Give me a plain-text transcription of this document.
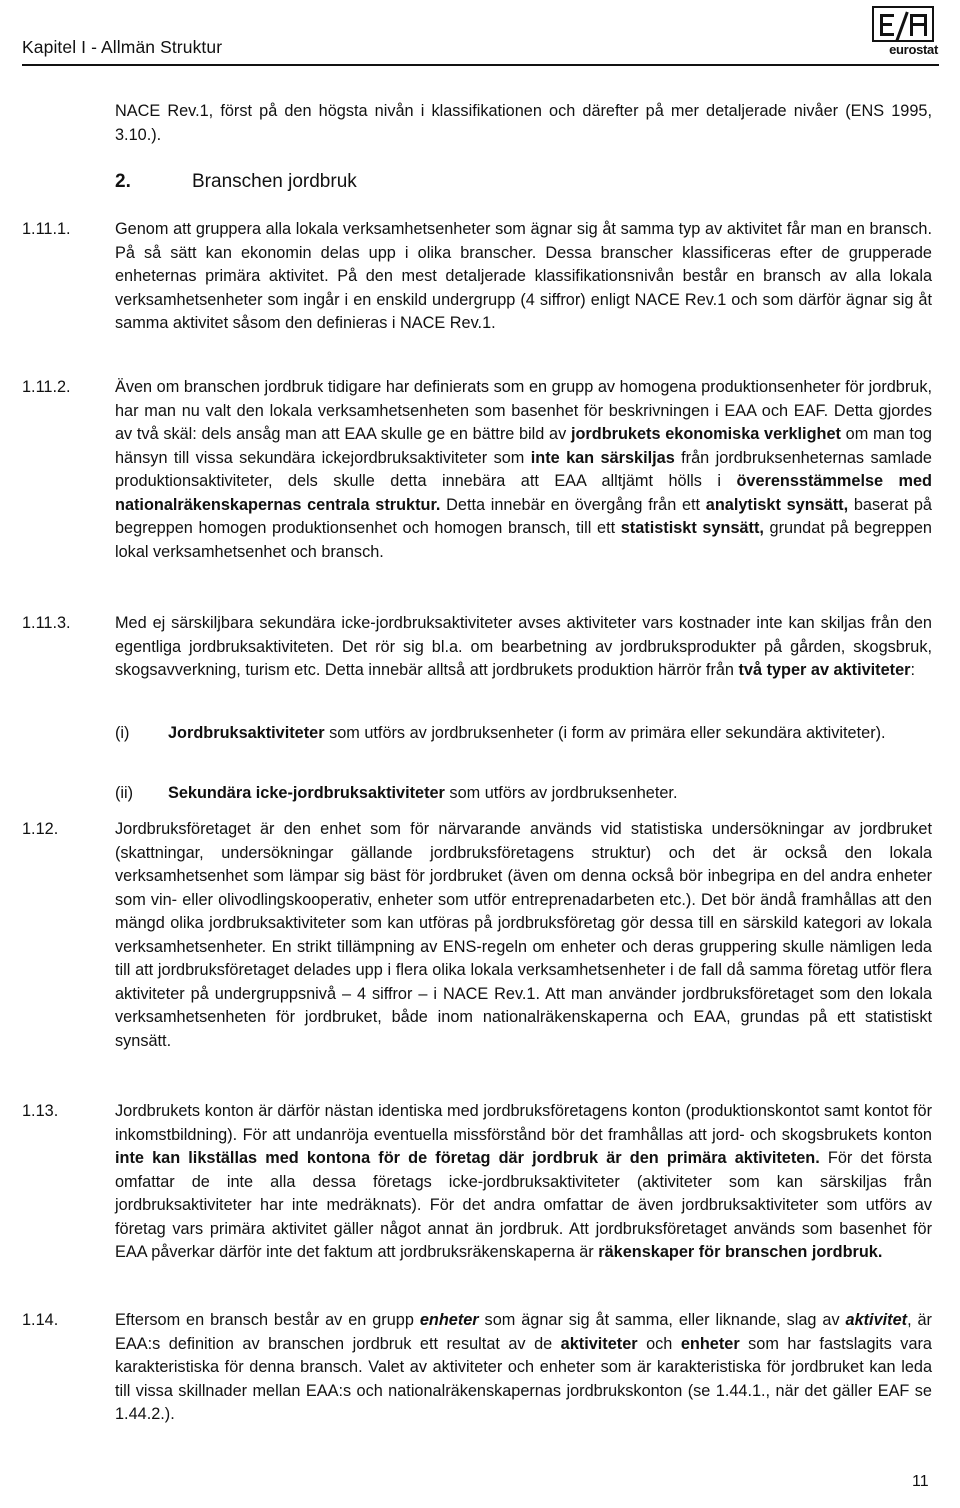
Kapitel I - Allmän Struktur	eurostat
NACE Rev.1, först på den högsta nivån i klassifikationen och därefter på mer detaljerade nivåer (ENS 1995, 3.10.).
2.	Branschen jordbruk
1.11.1.	Genom att gruppera alla lokala verksamhetsenheter som ägnar sig åt samma typ av aktivitet får man en bransch. På så sätt kan ekonomin delas upp i olika branscher. Dessa branscher klassificeras efter de grupperade enheternas primära aktivitet. På den mest detaljerade klassifikationsnivån består en bransch av alla lokala verksamhetsenheter som ingår i en enskild undergrupp (4 siffror) enligt NACE Rev.1 och som därför ägnar sig åt samma aktivitet såsom den definieras i NACE Rev.1.
1.11.2.	Även om branschen jordbruk tidigare har definierats som en grupp av homogena produktionsenheter för jordbruk, har man nu valt den lokala verksamhetsenheten som basenhet för beskrivningen i EAA och EAF. Detta gjordes av två skäl: dels ansåg man att EAA skulle ge en bättre bild av jordbrukets ekonomiska verklighet om man tog hänsyn till vissa sekundära ickejordbruksaktiviteter som inte kan särskiljas från jordbruksenheternas samlade produktionsaktiviteter, dels skulle detta innebära att EAA alltjämt hölls i överensstämmelse med nationalräkenskapernas centrala struktur. Detta innebär en övergång från ett analytiskt synsätt, baserat på begreppen homogen produktionsenhet och homogen bransch, till ett statistiskt synsätt, grundat på begreppen lokal verksamhetsenhet och bransch.
1.11.3.	Med ej särskiljbara sekundära icke-jordbruksaktiviteter avses aktiviteter vars kostnader inte kan skiljas från den egentliga jordbruksaktiviteten. Det rör sig bl.a. om bearbetning av jordbruksprodukter på gården, skogsbruk, skogsavverkning, turism etc. Detta innebär alltså att jordbrukets produktion härrör från två typer av aktiviteter:
(i) Jordbruksaktiviteter som utförs av jordbruksenheter (i form av primära eller sekundära aktiviteter).
(ii) Sekundära icke-jordbruksaktiviteter som utförs av jordbruksenheter.
1.12.	Jordbruksföretaget är den enhet som för närvarande används vid statistiska undersökningar av jordbruket (skattningar, undersökningar gällande jordbruksföretagens struktur) och det är också den lokala verksamhetsenhet som lämpar sig bäst för jordbruket (även om denna också bör inbegripa en del andra enheter som vin- eller olivodlingskooperativ, enheter som utför entreprenadarbeten etc.). Det bör ändå framhållas att den mängd olika jordbruksaktiviteter som kan utföras på jordbruksföretag gör dessa till en särskild kategori av lokala verksamhetsenheter. En strikt tillämpning av ENS-regeln om enheter och deras gruppering skulle nämligen leda till att jordbruksföretaget delades upp i flera olika lokala verksamhetsenheter i de fall då samma företag utför flera aktiviteter på undergruppsnivå – 4 siffror – i NACE Rev.1. Att man använder jordbruksföretaget som den lokala verksamhetsenheten för jordbruket, både inom nationalräkenskaperna och EAA, grundas på ett statistiskt synsätt.
1.13.	Jordbrukets konton är därför nästan identiska med jordbruksföretagens konton (produktionskontot samt kontot för inkomstbildning). För att undanröja eventuella missförstånd bör det framhållas att jord- och skogsbrukets konton inte kan likställas med kontona för de företag där jordbruk är den primära aktiviteten. För det första omfattar de inte alla dessa företags icke-jordbruksaktiviteter (aktiviteter som kan särskiljas från jordbruksaktiviteter har inte medräknats). För det andra omfattar de även jordbruksaktiviteter som utförs av företag vars primära aktivitet gäller något annat än jordbruk. Att jordbruksföretaget används som basenhet för EAA påverkar därför inte det faktum att jordbruksräkenskaperna är räkenskaper för branschen jordbruk.
1.14.	Eftersom en bransch består av en grupp enheter som ägnar sig åt samma, eller liknande, slag av aktivitet, är EAA:s definition av branschen jordbruk ett resultat av de aktiviteter och enheter som har fastslagits vara karakteristiska för denna bransch. Valet av aktiviteter och enheter som är karakteristiska för jordbruket kan leda till vissa skillnader mellan EAA:s och nationalräkenskapernas jordbrukskonton (se 1.44.1., när det gäller EAF se 1.44.2.).
11
